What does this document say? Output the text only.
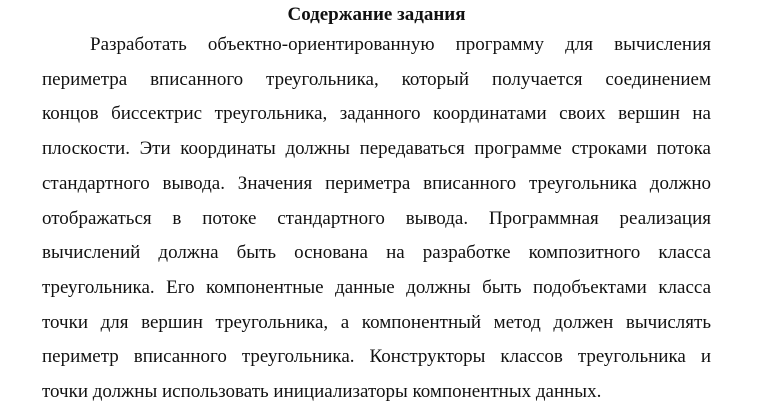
Содержание задания

Разработать объектно-ориентированную программу для вычисления
периметра вписанного треугольника, который получается соединением
концов биссектрис треугольника, заданного координатами своих вершин на
плоскости. Эти координаты должны передаваться программе строками потока
стандартного вывода. Значения периметра вписанного треугольника должно
отображаться в потоке стандартного вывода. Программная реализация
вычислений должна быть основана на разработке композитного класса
треугольника. Его компонентные данные должны быть подобъектами класса
точки для вершин треугольника, а компонентный метод должен вычислять
периметр вписанного треугольника. Конструкторы классов треугольника и
точки должны использовать инициализаторы компонентных данных.
